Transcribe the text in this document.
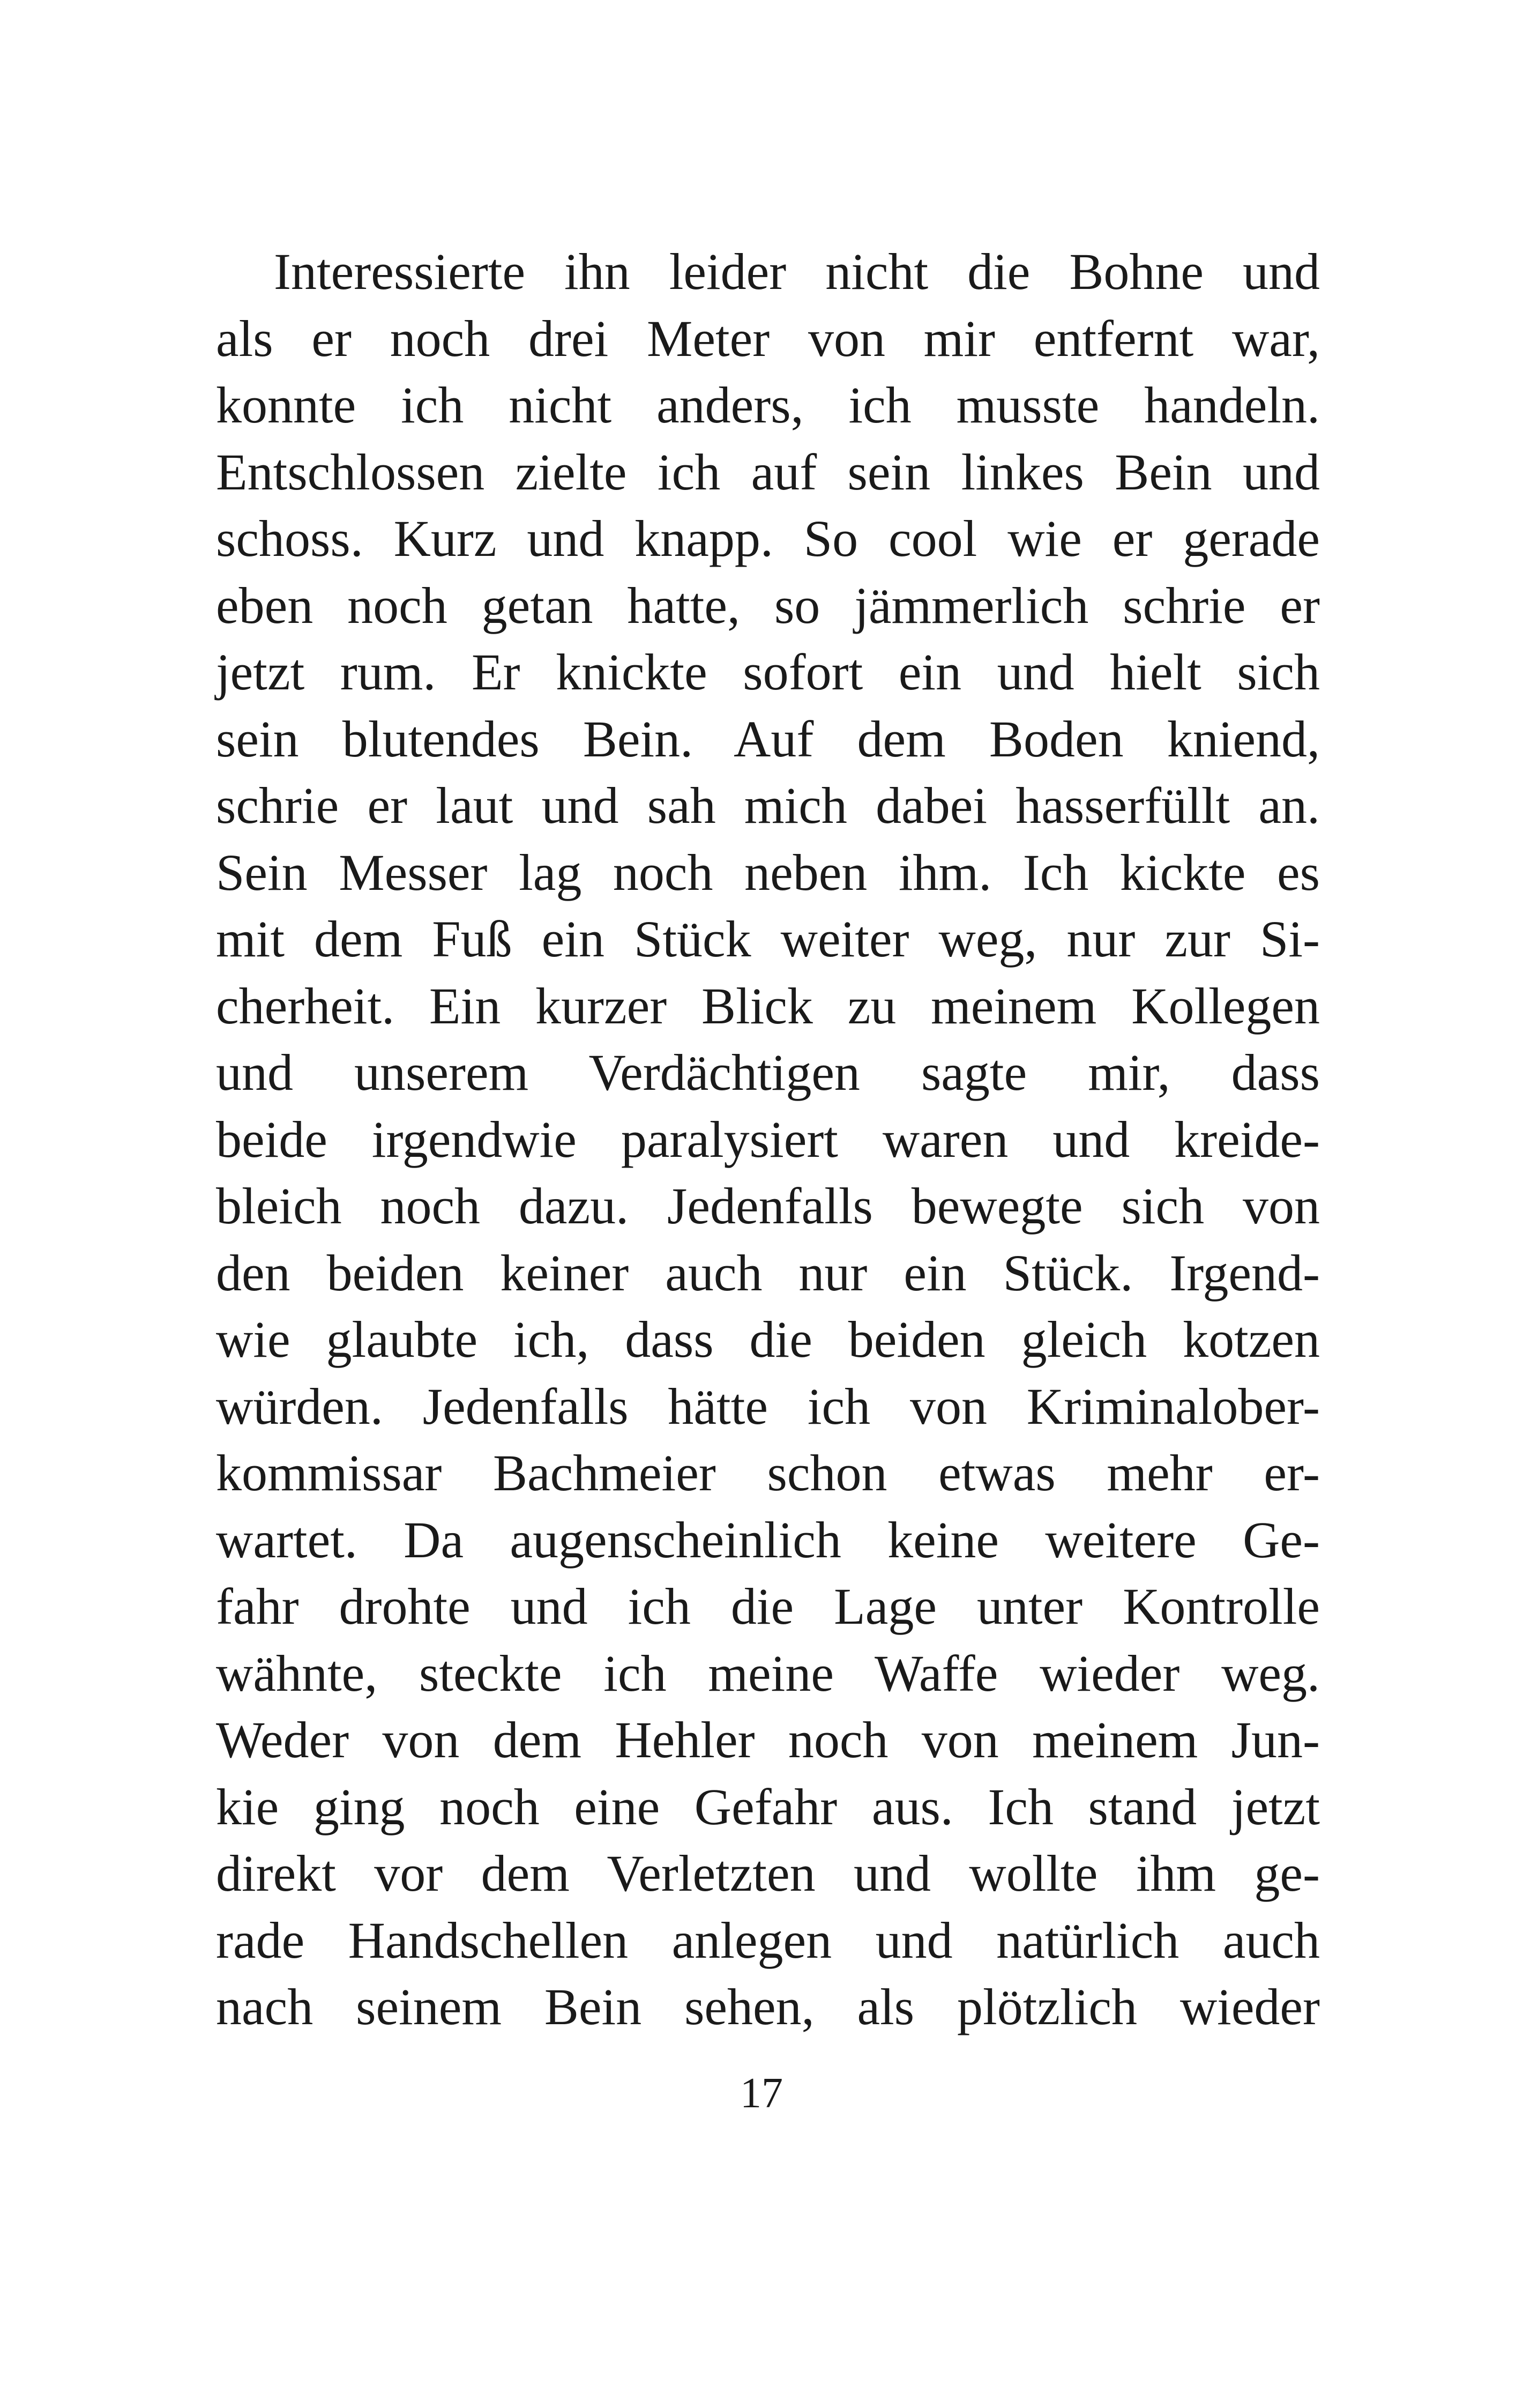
Interessierte ihn leider nicht die Bohne und
als er noch drei Meter von mir entfernt war,
konnte ich nicht anders, ich musste handeln.
Entschlossen zielte ich auf sein linkes Bein und
schoss. Kurz und knapp. So cool wie er gerade
eben noch getan hatte, so jämmerlich schrie er
jetzt rum. Er knickte sofort ein und hielt sich
sein blutendes Bein. Auf dem Boden kniend,
schrie er laut und sah mich dabei hasserfüllt an.
Sein Messer lag noch neben ihm. Ich kickte es
mit dem Fuß ein Stück weiter weg, nur zur Si-
cherheit. Ein kurzer Blick zu meinem Kollegen
und unserem Verdächtigen sagte mir, dass
beide irgendwie paralysiert waren und kreide-
bleich noch dazu. Jedenfalls bewegte sich von
den beiden keiner auch nur ein Stück. Irgend-
wie glaubte ich, dass die beiden gleich kotzen
würden. Jedenfalls hätte ich von Kriminalober-
kommissar Bachmeier schon etwas mehr er-
wartet. Da augenscheinlich keine weitere Ge-
fahr drohte und ich die Lage unter Kontrolle
wähnte, steckte ich meine Waffe wieder weg.
Weder von dem Hehler noch von meinem Jun-
kie ging noch eine Gefahr aus. Ich stand jetzt
direkt vor dem Verletzten und wollte ihm ge-
rade Handschellen anlegen und natürlich auch
nach seinem Bein sehen, als plötzlich wieder
17
